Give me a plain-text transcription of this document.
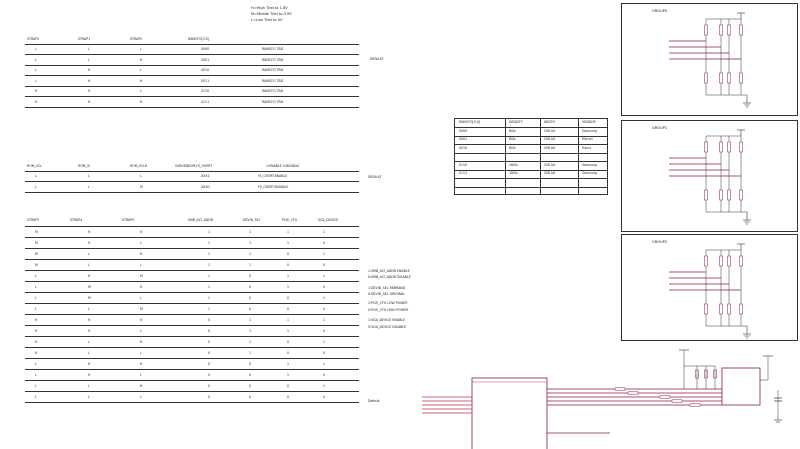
H=High Tied to 1.8V
M=Middle Tied to 0.9V
L=Low Tied to 0V
STRAP2	STRAP1	STRAP0	RAMCFG[3:0]
L	L	L	0000	RAMCFG TBD
L	L	H	0001	RAMCFG TBD
L	H	L	0010	RAMCFG TBD
L	H	H	0011	RAMCFG TBD
H	H	L	0110	RAMCFG TBD
H	H	H	0111	RAMCFG TBD
DEFAULT
ROM_SCL	ROM_SI	ROM_SCLK	SUBVENDOR,FS_OVERT	1:ENABLE 0:DISABLE
L	L	L	XXX1	FS_OVERT:ENABLE
L	L	M	XXX0	FS_OVERT:DISABLE
DEFAULT
RAMCFG[3:0]	DENSITY	WIDTH	VENDOR
0000	8Gb	256 bit	Samsung
0001	8Gb	256 bit	Micron
0010	8Gb	256 bit	Hynix
0110	16Gb	256 bit	Samsung
0111	16Gb	256 bit	Samsung
STRAP3	STRAP4	STRAP5	SMB_ALT_ADDR	DEVID_SEL	PCIE_CFG	VGA_DEVICE
M	H	H	1	1	1	1
M	H	L	1	1	1	0
M	L	H	1	1	0	1
M	L	L	1	1	0	0
L	H	M	1	0	1	1
L	M	H	1	0	1	0
L	M	L	1	0	0	1
L	L	M	1	0	0	0
H	H	H	0	1	1	1
H	H	L	0	1	1	0
H	L	H	0	1	0	1
H	L	L	0	1	0	0
L	H	H	0	0	1	1
L	H	L	0	0	1	0
L	L	H	0	0	0	1
L	L	L	0	0	0	0
Default
1:SMB_ALT_ADDR ENABLE
0:SMB_ALT_ADDR DISABLE
1:DEVID_SEL REBRAND
0:DEVID_SEL ORIGINAL
1:PCIE_CFG LOW POWER
0:PCIE_CFG HIGH POWER
1:VGA_DEVICE ENABLE
0:VGA_DEVICE DISABLE
GROUP0
GROUP1
GROUP2
